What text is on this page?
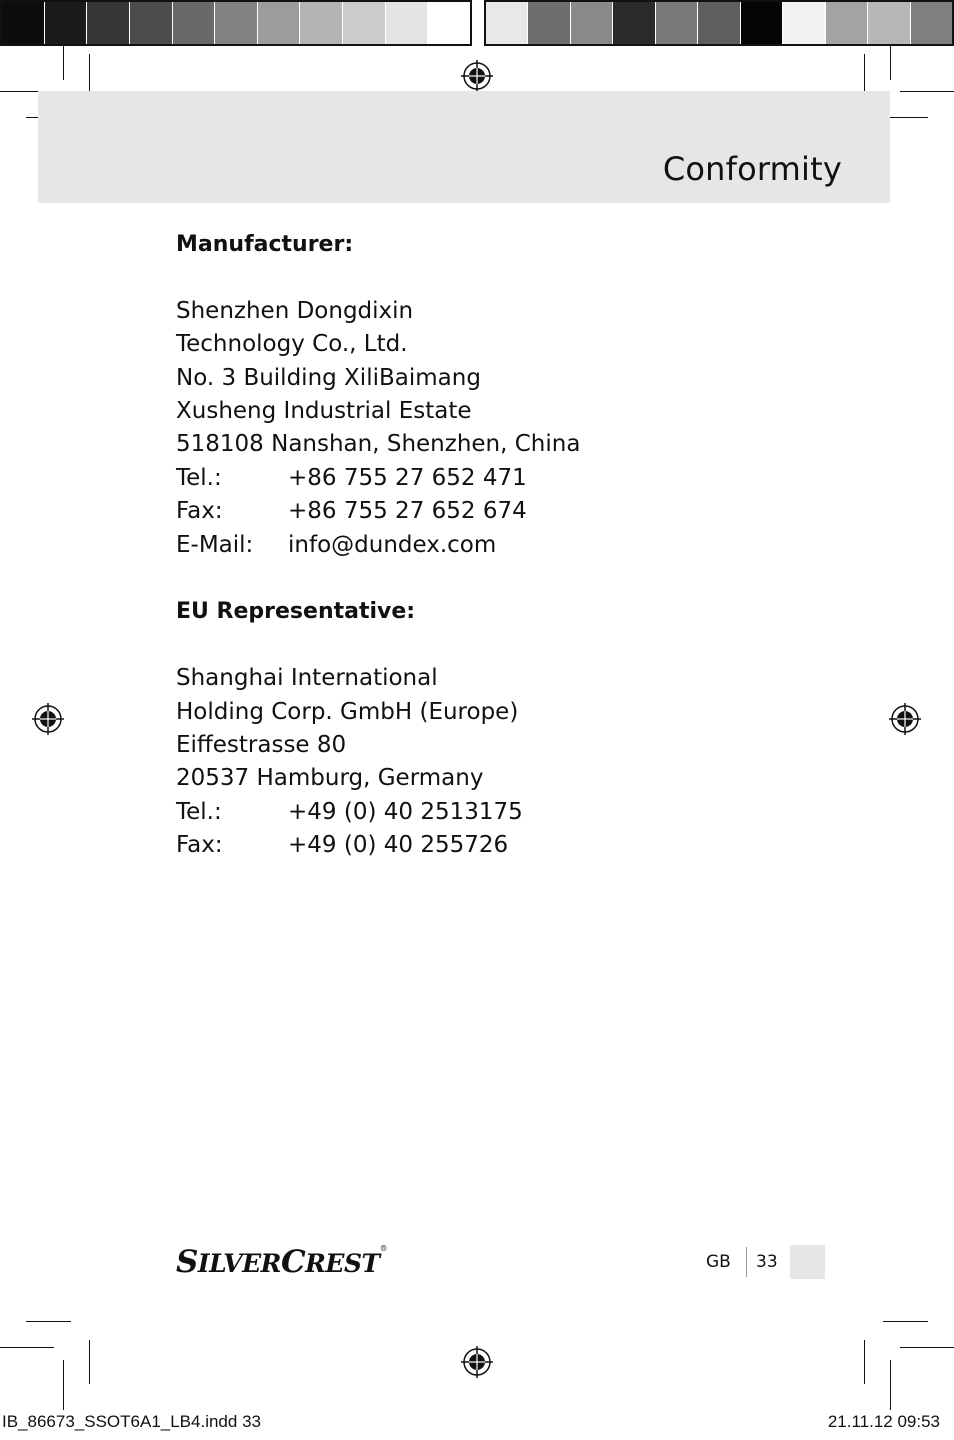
Conformity

Manufacturer:

Shenzhen Dongdixin
Technology Co., Ltd.
No. 3 Building XiliBaimang
Xusheng Industrial Estate
518108 Nanshan, Shenzhen, China
Tel.:	+86 755 27 652 471
Fax:	+86 755 27 652 674
E-Mail:	info@dundex.com

EU Representative:

Shanghai International
Holding Corp. GmbH (Europe)
Eiffestrasse 80
20537 Hamburg, Germany
Tel.:	+49 (0) 40 2513175
Fax:	+49 (0) 40 255726
SILVERCREST®
GB 33
IB_86673_SSOT6A1_LB4.indd 33	21.11.12 09:53
